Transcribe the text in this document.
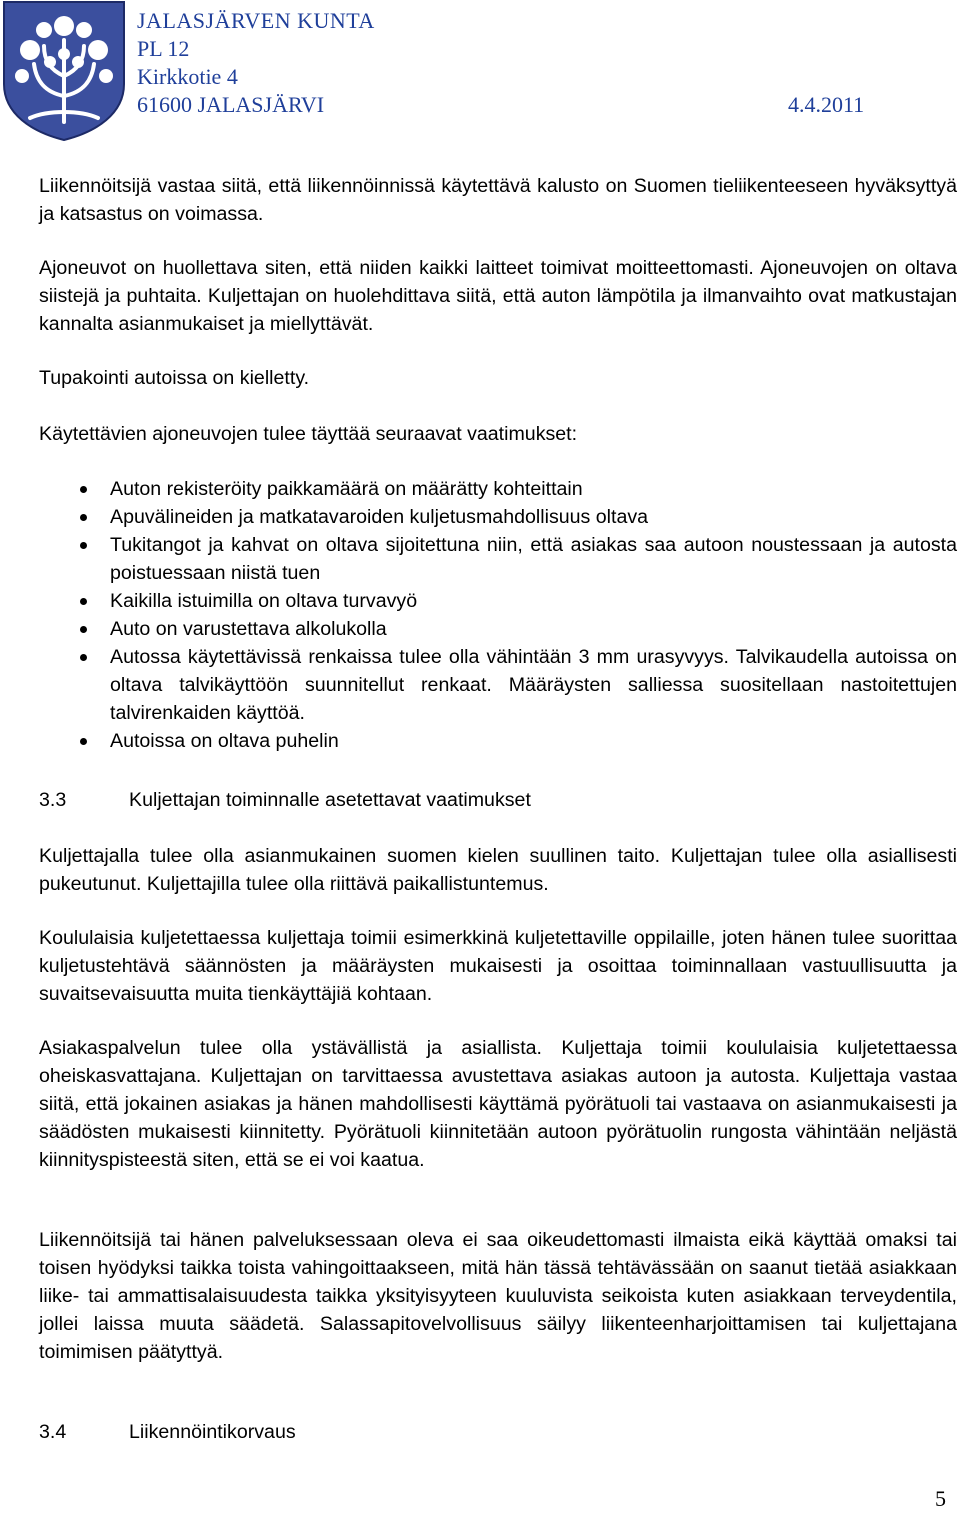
JALASJÄRVEN KUNTA
PL 12
Kirkkotie 4
61600 JALASJÄRVI	4.4.2011

Liikennöitsijä vastaa siitä, että liikennöinnissä käytettävä kalusto on Suomen tieliikenteeseen hyväksyttyä ja katsastus on voimassa.

Ajoneuvot on huollettava siten, että niiden kaikki laitteet toimivat moitteettomasti. Ajoneuvojen on oltava siistejä ja puhtaita. Kuljettajan on huolehdittava siitä, että auton lämpötila ja ilmanvaihto ovat matkustajan kannalta asianmukaiset ja miellyttävät.

Tupakointi autoissa on kielletty.

Käytettävien ajoneuvojen tulee täyttää seuraavat vaatimukset:

Auton rekisteröity paikkamäärä on määrätty kohteittain
Apuvälineiden ja matkatavaroiden kuljetusmahdollisuus oltava
Tukitangot ja kahvat on oltava sijoitettuna niin, että asiakas saa autoon noustessaan ja autosta poistuessaan niistä tuen
Kaikilla istuimilla on oltava turvavyö
Auto on varustettava alkolukolla
Autossa käytettävissä renkaissa tulee olla vähintään 3 mm urasyvyys. Talvikaudella autoissa on oltava talvikäyttöön suunnitellut renkaat. Määräysten salliessa suositellaan nastoitettujen talvirenkaiden käyttöä.
Autoissa on oltava puhelin
3.3	Kuljettajan toiminnalle asetettavat vaatimukset

Kuljettajalla tulee olla asianmukainen suomen kielen suullinen taito. Kuljettajan tulee olla asiallisesti pukeutunut. Kuljettajilla tulee olla riittävä paikallistuntemus.

Koululaisia kuljetettaessa kuljettaja toimii esimerkkinä kuljetettaville oppilaille, joten hänen tulee suorittaa kuljetustehtävä säännösten ja määräysten mukaisesti ja osoittaa toiminnallaan vastuullisuutta ja suvaitsevaisuutta muita tienkäyttäjiä kohtaan.

Asiakaspalvelun tulee olla ystävällistä ja asiallista. Kuljettaja toimii koululaisia kuljetettaessa oheiskasvattajana. Kuljettajan on tarvittaessa avustettava asiakas autoon ja autosta. Kuljettaja vastaa siitä, että jokainen asiakas ja hänen mahdollisesti käyttämä pyörätuoli tai vastaava on asianmukaisesti ja säädösten mukaisesti kiinnitetty. Pyörätuoli kiinnitetään autoon pyörätuolin rungosta vähintään neljästä kiinnityspisteestä siten, että se ei voi kaatua.

Liikennöitsijä tai hänen palveluksessaan oleva ei saa oikeudettomasti ilmaista eikä käyttää omaksi tai toisen hyödyksi taikka toista vahingoittaakseen, mitä hän tässä tehtävässään on saanut tietää asiakkaan liike- tai ammattisalaisuudesta taikka yksityisyyteen kuuluvista seikoista kuten asiakkaan terveydentila, jollei laissa muuta säädetä. Salassapitovelvollisuus säilyy liikenteenharjoittamisen tai kuljettajana toimimisen päätyttyä.

3.4	Liikennöintikorvaus
5
